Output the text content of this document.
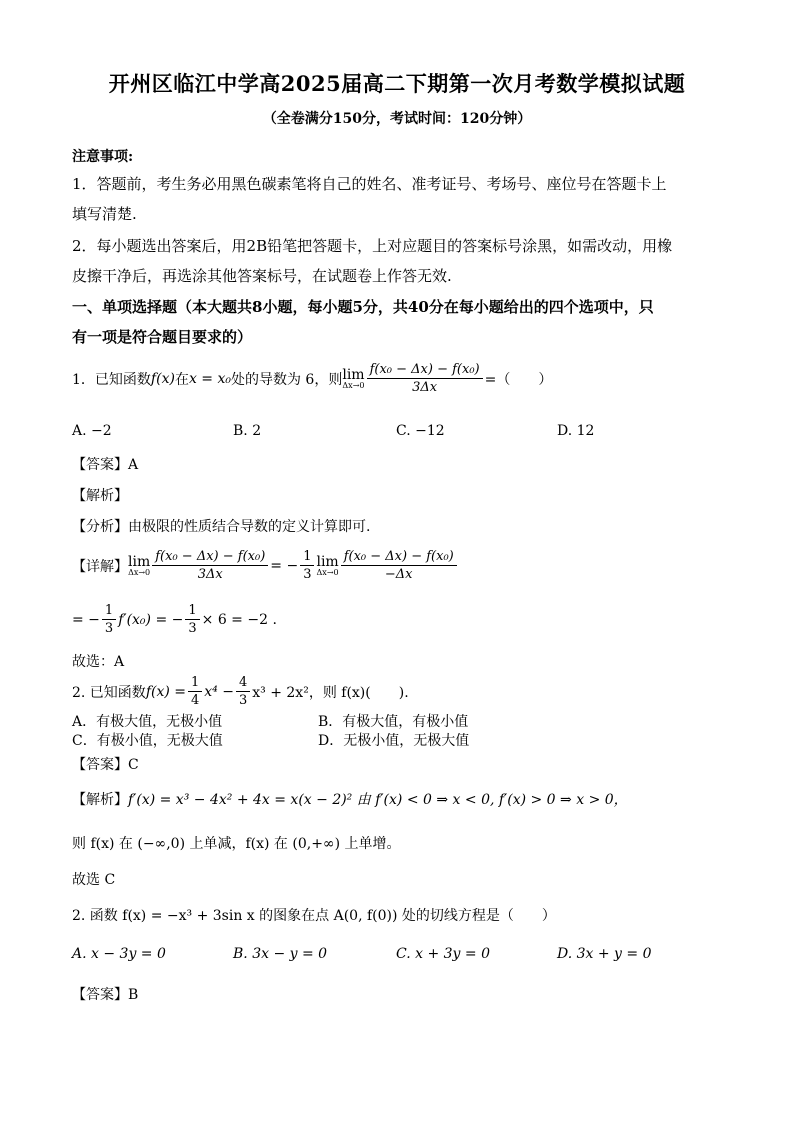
开州区临江中学高2025届高二下期第一次月考数学模拟试题
（全卷满分150分，考试时间：120分钟）
注意事项:
1．答题前，考生务必用黑色碳素笔将自己的姓名、准考证号、考场号、座位号在答题卡上
填写清楚.
2．每小题选出答案后，用2B铅笔把答题卡，上对应题目的答案标号涂黑，如需改动，用橡
皮擦干净后，再选涂其他答案标号，在试题卷上作答无效.
一、单项选择题（本大题共8小题，每小题5分，共40分在每小题给出的四个选项中，只
有一项是符合题目要求的）
1．已知函数 f(x) 在 x = x₀ 处的导数为 6，则 lim
$\Delta x\to 0 \frac{\text{f(x₀ − Δx) − f(x₀)}}{3\Delta x}$ =（　　）
A. −2	B. 2	C. −12	D. 12
【答案】A
【解析】
【分析】由极限的性质结合导数的定义计算即可.
【详解】 lim
$\Delta x\to 0 \frac{\text{f(x₀ − Δx) − f(x₀)}}{3\Delta x}$ = − $\frac{1}{3}$ lim
$\Delta x\to 0 \frac{\text{f(x₀ − Δx) − f(x₀)}}{-\Delta x}$
= − $\frac{1}{3} f'(x_0)$ = − $\frac{1}{3} \times 6 = -2$ .
故选：A
2. 已知函数 $f(x) = \frac{1}{4} x^4 - \frac{4}{3} x^3 + 2x^2$，则 f(x)(　　).
A．有极大值，无极小值	B．有极大值，有极小值
C．有极小值，无极大值	D．无极小值，无极大值
【答案】C
【解析】f′(x) = x³ − 4x² + 4x = x(x − 2)² 由 f′(x) < 0 ⇒ x < 0, f′(x) > 0 ⇒ x > 0，
则 f(x) 在 (−∞,0) 上单减，f(x) 在 (0,+∞) 上单增。
故选 C
2. 函数 f(x) = −x³ + 3sin x 的图象在点 A(0, f(0)) 处的切线方程是（　　）
A. x − 3y = 0	B. 3x − y = 0	C. x + 3y = 0	D. 3x + y = 0
【答案】B
